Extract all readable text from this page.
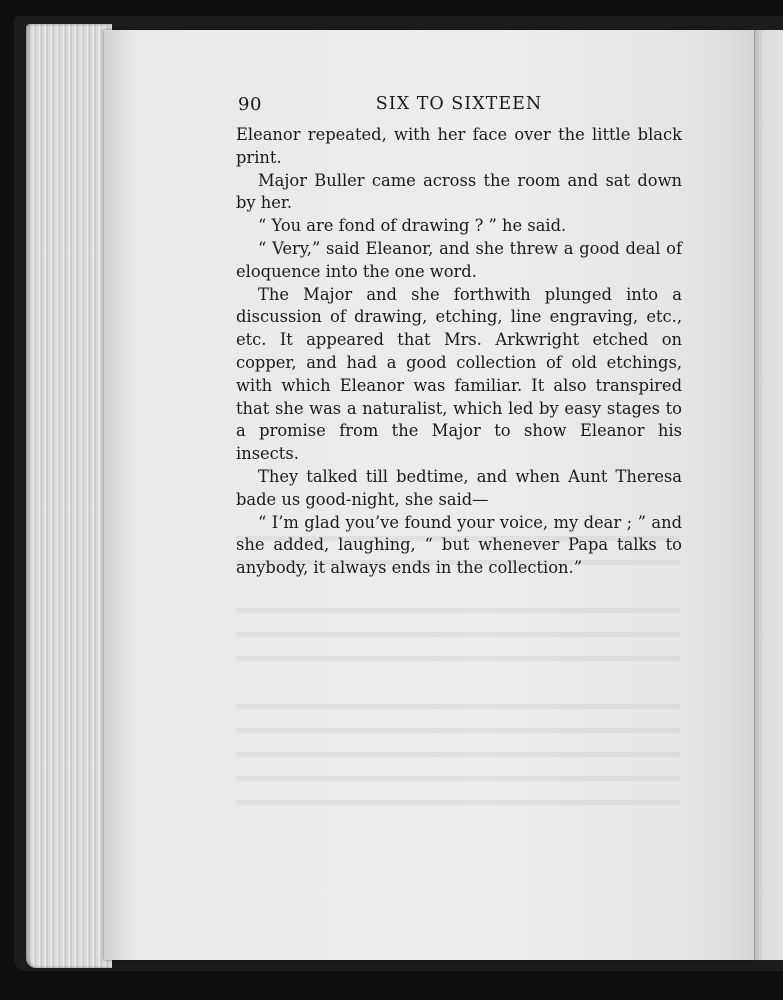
90	SIX TO SIXTEEN

Eleanor repeated, with her face over the little black print.

Major Buller came across the room and sat down by her.

“ You are fond of drawing ? ” he said.

“ Very,” said Eleanor, and she threw a good deal of eloquence into the one word.

The Major and she forthwith plunged into a discussion of drawing, etching, line engraving, etc., etc. It appeared that Mrs. Arkwright etched on copper, and had a good collection of old etchings, with which Eleanor was familiar. It also transpired that she was a naturalist, which led by easy stages to a promise from the Major to show Eleanor his insects.

They talked till bedtime, and when Aunt Theresa bade us good-night, she said—

“ I’m glad you’ve found your voice, my dear ; ” and she added, laughing, “ but whenever Papa talks to anybody, it always ends in the collection.”
